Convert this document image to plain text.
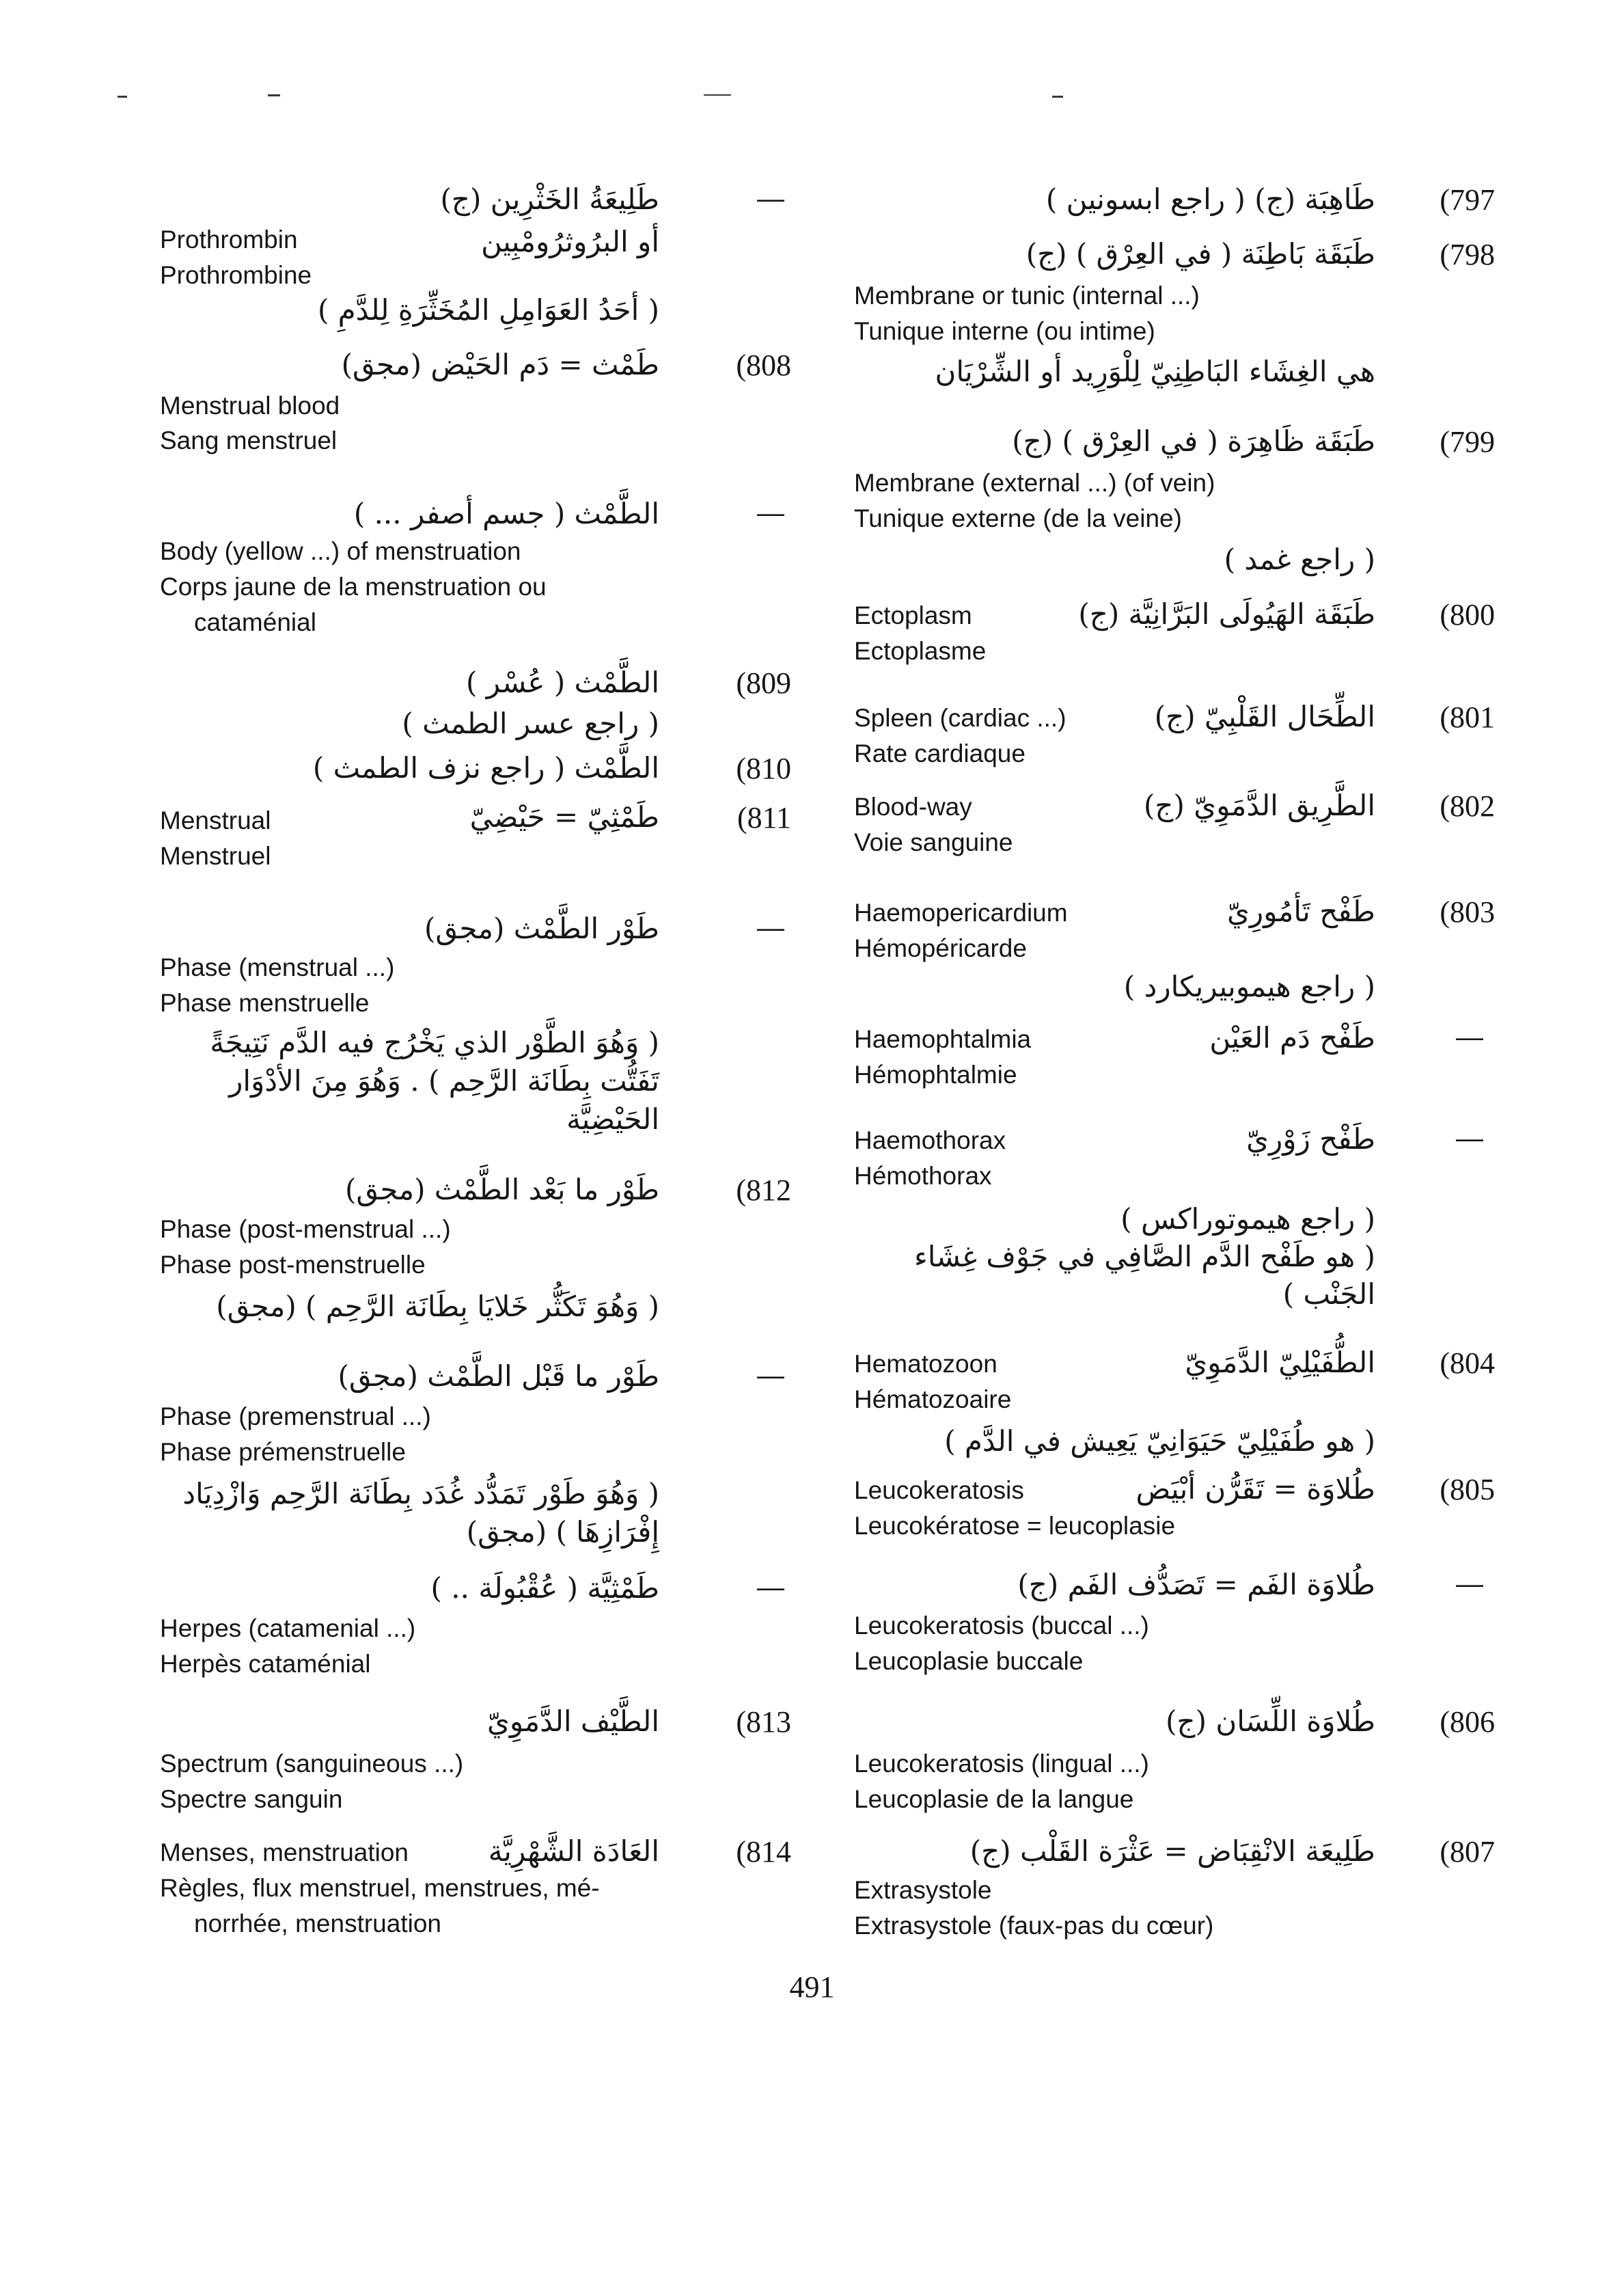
طَلِيعَةُ الخَثْرِين (ج)	—
Prothrombin	أو البرُوثرُومْبِين
Prothrombine
( أحَدُ العَوَامِلِ المُخَثِّرَةِ لِلدَّمِ )
طَمْث = دَم الحَيْض (مجق)	(808
Menstrual blood
Sang menstruel
الطَّمْث ( جسم أصفر ... )	—
Body (yellow ...) of menstruation
Corps jaune de la menstruation ou
cataménial
الطَّمْث ( عُسْر )	(809
( راجع عسر الطمث )
الطَّمْث ( راجع نزف الطمث )	(810
Menstrual	طَمْثِيّ = حَيْضِيّ	(811
Menstruel
طَوْر الطَّمْث (مجق)	—
Phase (menstrual ...)
Phase menstruelle
( وَهُوَ الطَّوْر الذي يَخْرُج فيه الدَّم نَتِيجَةً
تَفَتُّت بِطَانَة الرَّحِم ) . وَهُوَ مِنَ الأدْوَار
الحَيْضِيَّة
طَوْر ما بَعْد الطَّمْث (مجق)	(812
Phase (post-menstrual ...)
Phase post-menstruelle
( وَهُوَ تَكَثُّر خَلايَا بِطَانَة الرَّحِم ) (مجق)
طَوْر ما قَبْل الطَّمْث (مجق)	—
Phase (premenstrual ...)
Phase prémenstruelle
( وَهُوَ طَوْر تَمَدُّد غُدَد بِطَانَة الرَّحِم وَازْدِيَاد
إِفْرَازِهَا ) (مجق)
طَمْثِيَّة ( عُقْبُولَة .. )	—
Herpes (catamenial ...)
Herpès cataménial
الطَّيْف الدَّمَوِيّ	(813
Spectrum (sanguineous ...)
Spectre sanguin
Menses, menstruation	العَادَة الشَّهْرِيَّة	(814
Règles, flux menstruel, menstrues, mé-
norrhée, menstruation
طَاهِبَة (ج) ( راجع ابسونين ) (797
طَبَقَة بَاطِنَة ( في العِرْق ) (ج) (798
Membrane or tunic (internal ...)
Tunique interne (ou intime)
هي الغِشَاء البَاطِنِيّ لِلْوَرِيد أو الشِّرْيَان
طَبَقَة ظَاهِرَة ( في العِرْق ) (ج) (799
Membrane (external ...) (of vein)
Tunique externe (de la veine)
( راجع غمد )
Ectoplasm	طَبَقَة الهَيُولَى البَرَّانِيَّة (ج) (800
Ectoplasme
Spleen (cardiac ...)	الطِّحَال القَلْبِيّ (ج) (801
Rate cardiaque
Blood-way	الطَّرِيق الدَّمَوِيّ (ج) (802
Voie sanguine
Haemopericardium	طَفْح تَأمُورِيّ (803
Hémopéricarde
( راجع هيموبيريكارد )
Haemophtalmia	طَفْح دَم العَيْن	—
Hémophtalmie
Haemothorax	طَفْح زَوْرِيّ	—
Hémothorax
( راجع هيموتوراكس )
( هو طَفْح الدَّم الصَّافِي في جَوْف غِشَاء
الجَنْب )
Hematozoon	الطُّفَيْلِيّ الدَّمَوِيّ (804
Hématozoaire
( هو طُفَيْلِيّ حَيَوَانِيّ يَعِيش في الدَّم )
Leucokeratosis	طُلاوَة = تَقَرُّن أبْيَض (805
Leucokératose = leucoplasie
طُلاوَة الفَم = تَصَدُّف الفَم (ج)	—
Leucokeratosis (buccal ...)
Leucoplasie buccale
طُلاوَة اللِّسَان (ج) (806
Leucokeratosis (lingual ...)
Leucoplasie de la langue
طَلِيعَة الانْقِبَاض = عَثْرَة القَلْب (ج) (807
Extrasystole
Extrasystole (faux-pas du cœur)
491
